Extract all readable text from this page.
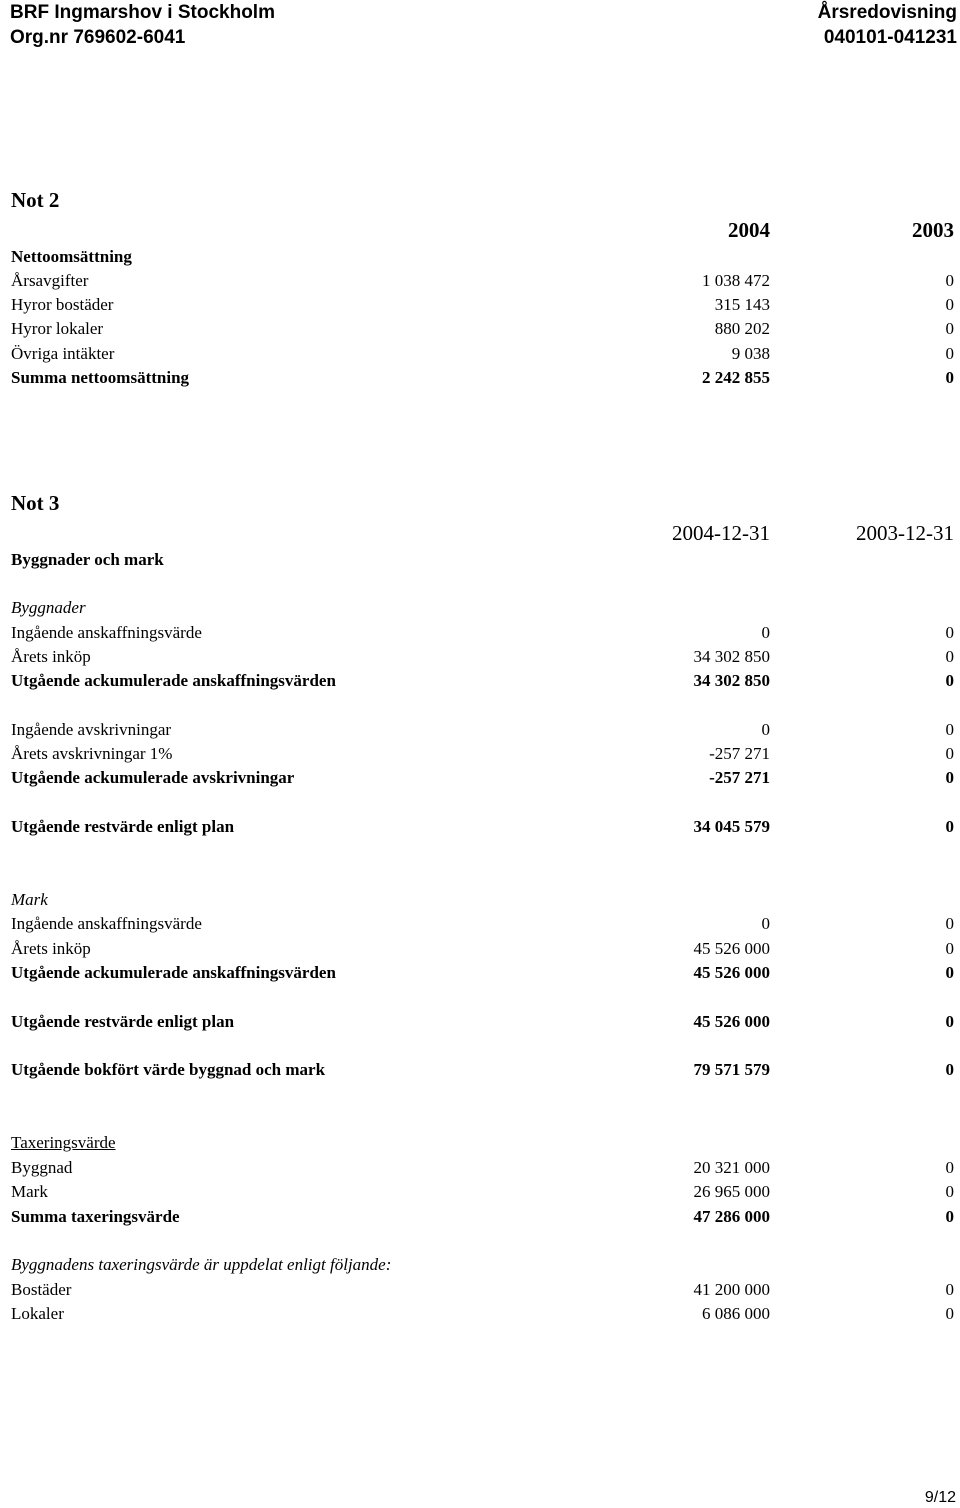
BRF Ingmarshov i Stockholm	Årsredovisning
Org.nr 769602-6041	040101-041231
Not 2
2004	2003
Nettoomsättning
Årsavgifter	1 038 472	0
Hyror bostäder	315 143	0
Hyror lokaler	880 202	0
Övriga intäkter	9 038	0
Summa nettoomsättning	2 242 855	0
Not 3
2004-12-31	2003-12-31
Byggnader och mark
Byggnader
Ingående anskaffningsvärde	0	0
Årets inköp	34 302 850	0
Utgående ackumulerade anskaffningsvärden	34 302 850	0
Ingående avskrivningar	0	0
Årets avskrivningar 1%	-257 271	0
Utgående ackumulerade avskrivningar	-257 271	0
Utgående restvärde enligt plan	34 045 579	0
Mark
Ingående anskaffningsvärde	0	0
Årets inköp	45 526 000	0
Utgående ackumulerade anskaffningsvärden	45 526 000	0
Utgående restvärde enligt plan	45 526 000	0
Utgående bokfört värde byggnad och mark	79 571 579	0
Taxeringsvärde
Byggnad	20 321 000	0
Mark	26 965 000	0
Summa taxeringsvärde	47 286 000	0
Byggnadens taxeringsvärde är uppdelat enligt följande:
Bostäder	41 200 000	0
Lokaler	6 086 000	0
9/12
